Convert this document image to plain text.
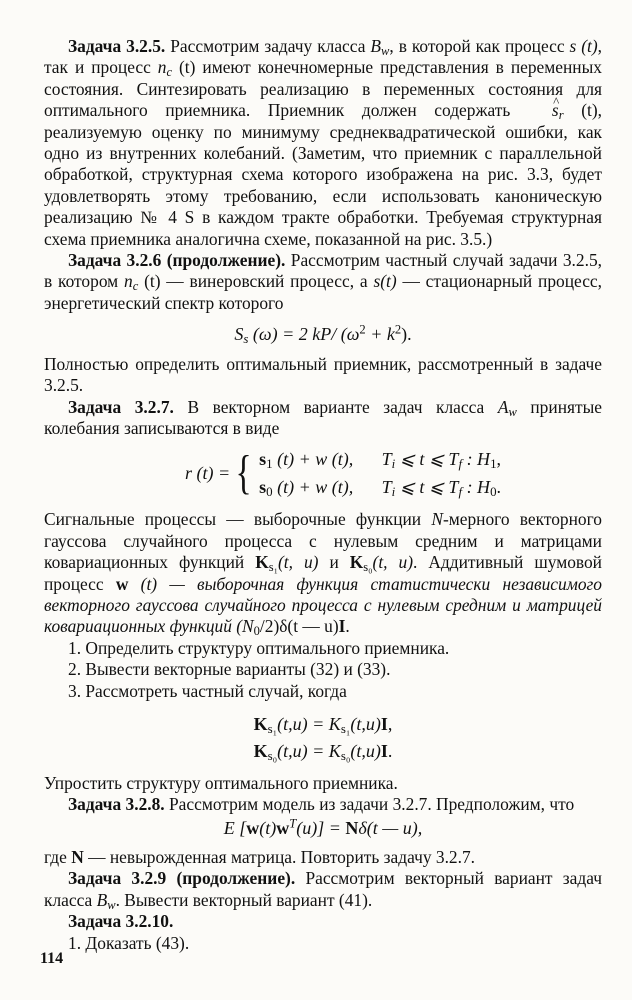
Задача 3.2.5. Рассмотрим задачу класса $B_w$, в которой как процесс s (t), так и процесс $n_c$ (t) имеют конечномерные представления в переменных состояния. Синтезировать реализацию в переменных состояния для оптимального приемника. Приемник должен содержать ^ $s_r$ (t), реализуемую оценку по минимуму среднеквадратической ошибки, как одно из внутренних колебаний. (Заметим, что приемник с параллельной обработкой, структурная схема которого изображена на рис. 3.3, будет удовлетворять этому требованию, если использовать каноническую реализацию № 4 S в каждом тракте обработки. Требуемая структурная схема приемника аналогична схеме, показанной на рис. 3.5.)

Задача 3.2.6 (продолжение). Рассмотрим частный случай задачи 3.2.5, в котором $n_c$ (t) — винеровский процесс, а s(t) — стационарный процесс, энергетический спектр которого

$S_s$ (ω) = 2 kP/ $(\omega^2 + k^2)$.

Полностью определить оптимальный приемник, рассмотренный в задаче 3.2.5.

Задача 3.2.7. В векторном варианте задач класса $A_w$ принятые колебания записываются в виде

r (t) = { $s_1$ (t) + w (t), $T_i$ ⩽ t ⩽ $T_f$ : $H_1$,
$s_0$ (t) + w (t), $T_i$ ⩽ t ⩽ $T_f$ : $H_0$.

Сигнальные процессы — выборочные функции N-мерного векторного гауссова случайного процесса с нулевым средним и матрицами ковариационных функций $K_{s_1}(t$, u) и $K_{s_0}(t$, u). Аддитивный шумовой процесс w (t) — выборочная функция статистически независимого векторного гауссова случайного процесса с нулевым средним и матрицей ковариационных функций $(N_0/2)\delta(t$ — u)I.

1. Определить структуру оптимального приемника.

2. Вывести векторные варианты (32) и (33).

3. Рассмотреть частный случай, когда

$K_{s_1}(t,u) = K_{s_1}(t,u)I$,
$K_{s_0}(t,u) = K_{s_0}(t,u)I$.

Упростить структуру оптимального приемника.

Задача 3.2.8. Рассмотрим модель из задачи 3.2.7. Предположим, что

E $[w(t)w^T(u)] = N\delta(t$ — u),

где N — невырожденная матрица. Повторить задачу 3.2.7.

Задача 3.2.9 (продолжение). Рассмотрим векторный вариант задач класса $B_w$. Вывести векторный вариант (41).

Задача 3.2.10.

1. Доказать (43).

114
